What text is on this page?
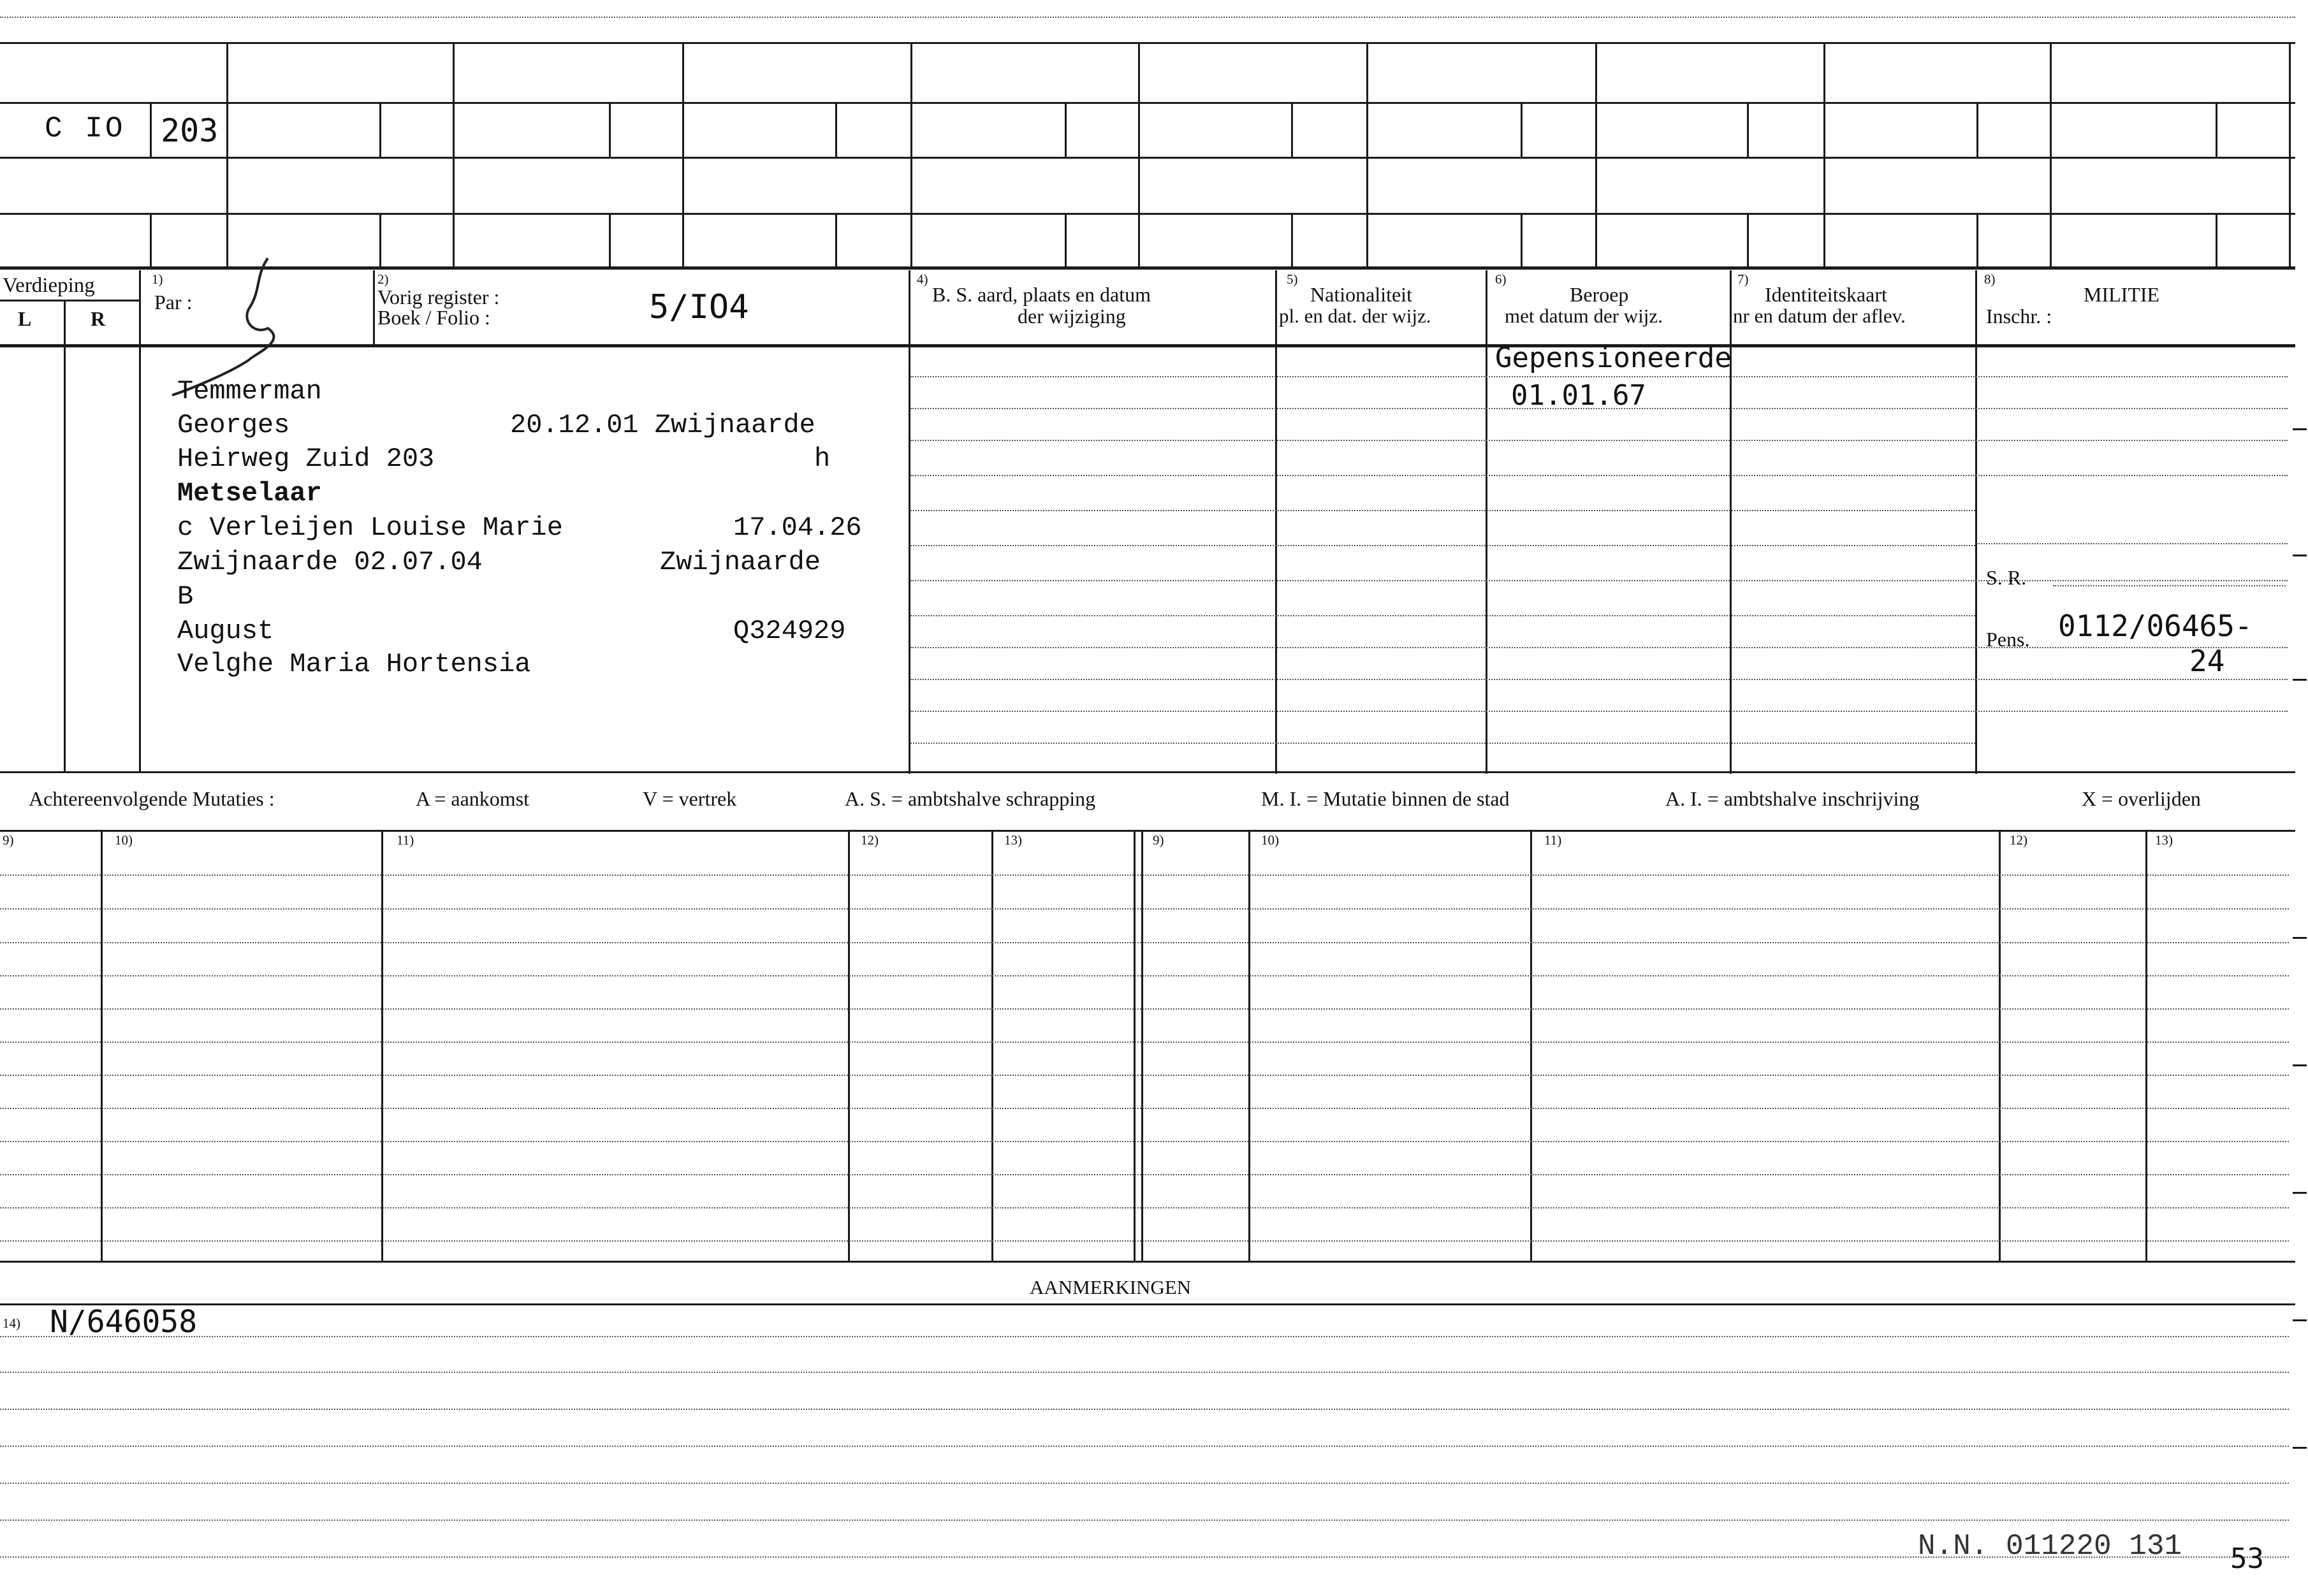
C IO 203
Verdieping
L	R
1)
Par :
2)
Vorig register :
Boek / Folio :	5/IO4
4)
B. S. aard, plaats en datum
der wijziging
5)
Nationaliteit
pl. en dat. der wijz.
6)
Beroep
met datum der wijz.
7)
Identiteitskaart
nr en datum der aflev.
8)
MILITIE
Inschr. :
Temmerman
Georges	20.12.01 Zwijnaarde
Heirweg Zuid 203	h
Metselaar
c Verleijen Louise Marie	17.04.26
Zwijnaarde 02.07.04	Zwijnaarde
B
August	Q324929
Velghe Maria Hortensia
Gepensioneerde
01.01.67
S. R.
Pens. 0112/06465-
24
Achtereenvolgende Mutaties :	A = aankomst	V = vertrek	A. S. = ambtshalve schrapping	M. I. = Mutatie binnen de stad	A. I. = ambtshalve inschrijving	X = overlijden
9)	10)	11)	12)	13)	9)	10)	11)	12)	13)
AANMERKINGEN
14) N/646058
N.N. 011220 131 53
